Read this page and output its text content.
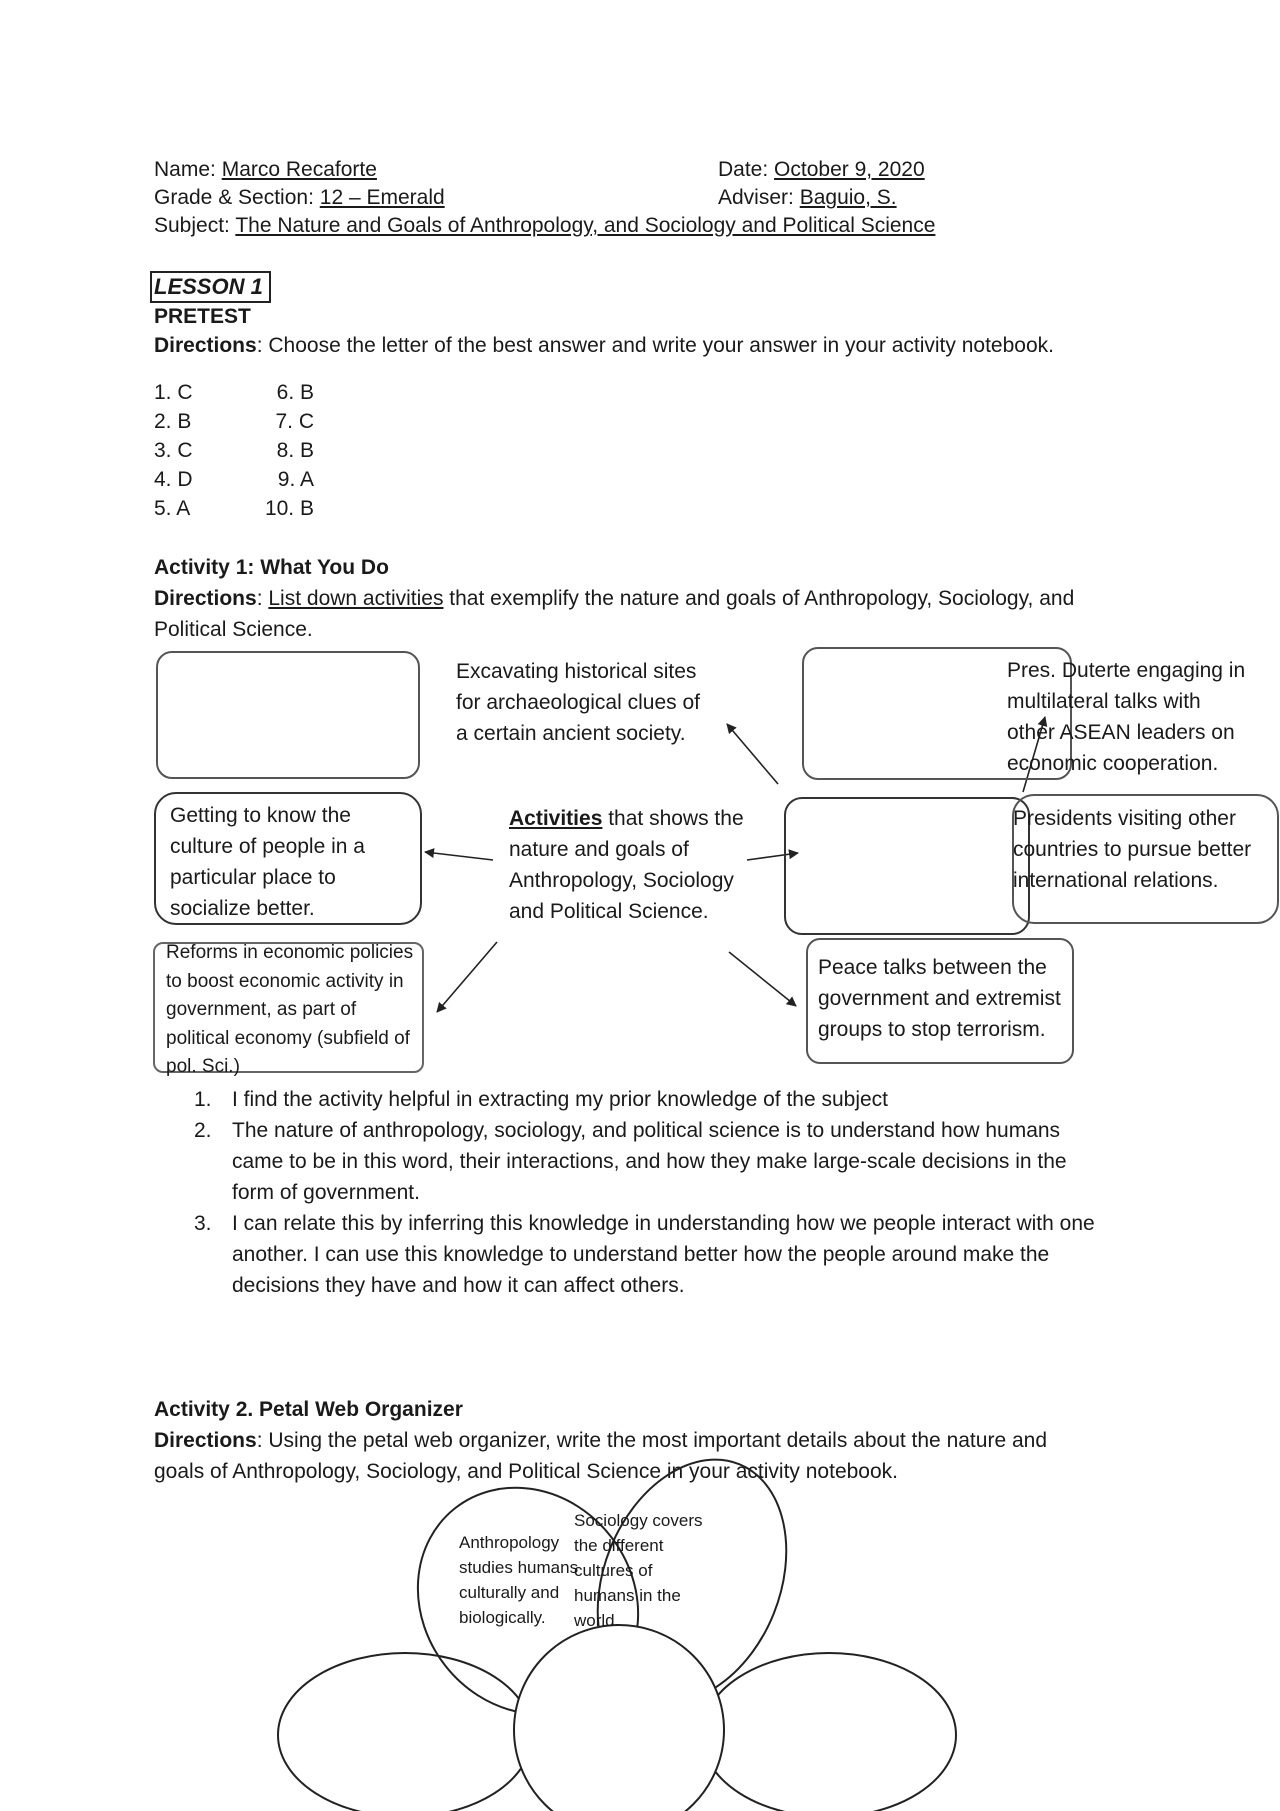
Name: Marco Recaforte	Date: October 9, 2020
Grade & Section: 12 – Emerald	Adviser: Baguio, S.
Subject: The Nature and Goals of Anthropology, and Sociology and Political Science
LESSON 1
PRETEST
Directions: Choose the letter of the best answer and write your answer in your activity notebook.
1. C
2. B
3. C
4. D
5. A
6. B
7. C
8. B
9. A
10. B
Activity 1: What You Do
Directions: List down activities that exemplify the nature and goals of Anthropology, Sociology, and
Political Science.
Excavating historical sites
for archaeological clues of
a certain ancient society.
Pres. Duterte engaging in
multilateral talks with
other ASEAN leaders on
economic cooperation.
Getting to know the
culture of people in a
particular place to
socialize better.
Activities that shows the
nature and goals of
Anthropology, Sociology
and Political Science.
Presidents visiting other
countries to pursue better
international relations.
Reforms in economic policies
to boost economic activity in
government, as part of
political economy (subfield of
pol. Sci.)
Peace talks between the
government and extremist
groups to stop terrorism.
1. I find the activity helpful in extracting my prior knowledge of the subject
2. The nature of anthropology, sociology, and political science is to understand how humans came to be in this word, their interactions, and how they make large-scale decisions in the form of government.
3. I can relate this by inferring this knowledge in understanding how we people interact with one another. I can use this knowledge to understand better how the people around make the decisions they have and how it can affect others.
Activity 2. Petal Web Organizer
Directions: Using the petal web organizer, write the most important details about the nature and
goals of Anthropology, Sociology, and Political Science in your activity notebook.
Anthropology
studies humans
culturally and
biologically.
Sociology covers
the different
cultures of
humans in the
world.
